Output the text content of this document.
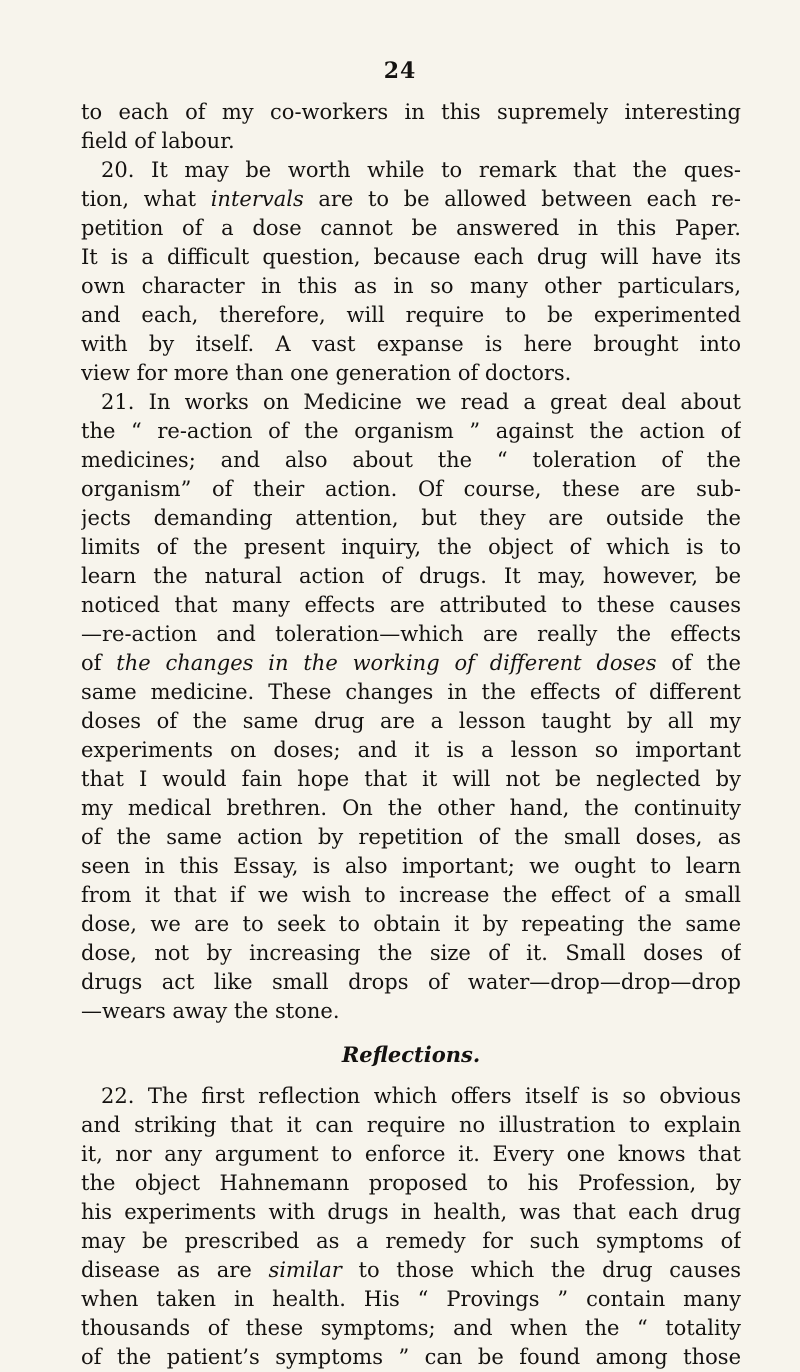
24
to each of my co-workers in this supremely interesting
field of labour.
20. It may be worth while to remark that the ques-
tion, what intervals are to be allowed between each re-
petition of a dose cannot be answered in this Paper.
It is a difficult question, because each drug will have its
own character in this as in so many other particulars,
and each, therefore, will require to be experimented
with by itself. A vast expanse is here brought into
view for more than one generation of doctors.
21. In works on Medicine we read a great deal about
the “ re-action of the organism ” against the action of
medicines; and also about the “ toleration of the
organism” of their action. Of course, these are sub-
jects demanding attention, but they are outside the
limits of the present inquiry, the object of which is to
learn the natural action of drugs. It may, however, be
noticed that many effects are attributed to these causes
—re-action and toleration—which are really the effects
of the changes in the working of different doses of the
same medicine. These changes in the effects of different
doses of the same drug are a lesson taught by all my
experiments on doses; and it is a lesson so important
that I would fain hope that it will not be neglected by
my medical brethren. On the other hand, the continuity
of the same action by repetition of the small doses, as
seen in this Essay, is also important; we ought to learn
from it that if we wish to increase the effect of a small
dose, we are to seek to obtain it by repeating the same
dose, not by increasing the size of it. Small doses of
drugs act like small drops of water—drop—drop—drop
—wears away the stone.
Reflections.
22. The first reflection which offers itself is so obvious
and striking that it can require no illustration to explain
it, nor any argument to enforce it. Every one knows that
the object Hahnemann proposed to his Profession, by
his experiments with drugs in health, was that each drug
may be prescribed as a remedy for such symptoms of
disease as are similar to those which the drug causes
when taken in health. His “ Provings ” contain many
thousands of these symptoms; and when the “ totality
of the patient’s symptoms ” can be found among those
